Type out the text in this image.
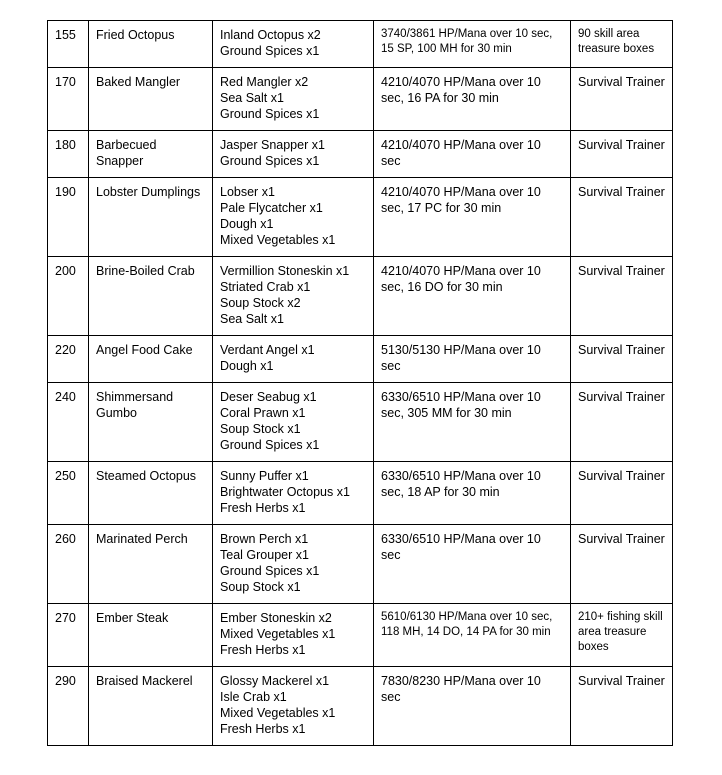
155	Fried Octopus	Inland Octopus x2
Ground Spices x1	3740/3861 HP/Mana over 10 sec, 15 SP, 100 MH for 30 min	90 skill area treasure boxes
170	Baked Mangler	Red Mangler x2
Sea Salt x1
Ground Spices x1	4210/4070 HP/Mana over 10 sec, 16 PA for 30 min	Survival Trainer
180	Barbecued Snapper	Jasper Snapper x1
Ground Spices x1	4210/4070 HP/Mana over 10 sec	Survival Trainer
190	Lobster Dumplings	Lobser x1
Pale Flycatcher x1
Dough x1
Mixed Vegetables x1	4210/4070 HP/Mana over 10 sec, 17 PC for 30 min	Survival Trainer
200	Brine-Boiled Crab	Vermillion Stoneskin x1
Striated Crab x1
Soup Stock x2
Sea Salt x1	4210/4070 HP/Mana over 10 sec, 16 DO for 30 min	Survival Trainer
220	Angel Food Cake	Verdant Angel x1
Dough x1	5130/5130 HP/Mana over 10 sec	Survival Trainer
240	Shimmersand Gumbo	Deser Seabug x1
Coral Prawn x1
Soup Stock x1
Ground Spices x1	6330/6510 HP/Mana over 10 sec, 305 MM for 30 min	Survival Trainer
250	Steamed Octopus	Sunny Puffer x1
Brightwater Octopus x1
Fresh Herbs x1	6330/6510 HP/Mana over 10 sec, 18 AP for 30 min	Survival Trainer
260	Marinated Perch	Brown Perch x1
Teal Grouper x1
Ground Spices x1
Soup Stock x1	6330/6510 HP/Mana over 10 sec	Survival Trainer
270	Ember Steak	Ember Stoneskin x2
Mixed Vegetables x1
Fresh Herbs x1	5610/6130 HP/Mana over 10 sec, 118 MH, 14 DO, 14 PA for 30 min	210+ fishing skill area treasure boxes
290	Braised Mackerel	Glossy Mackerel x1
Isle Crab x1
Mixed Vegetables x1
Fresh Herbs x1	7830/8230 HP/Mana over 10 sec	Survival Trainer
